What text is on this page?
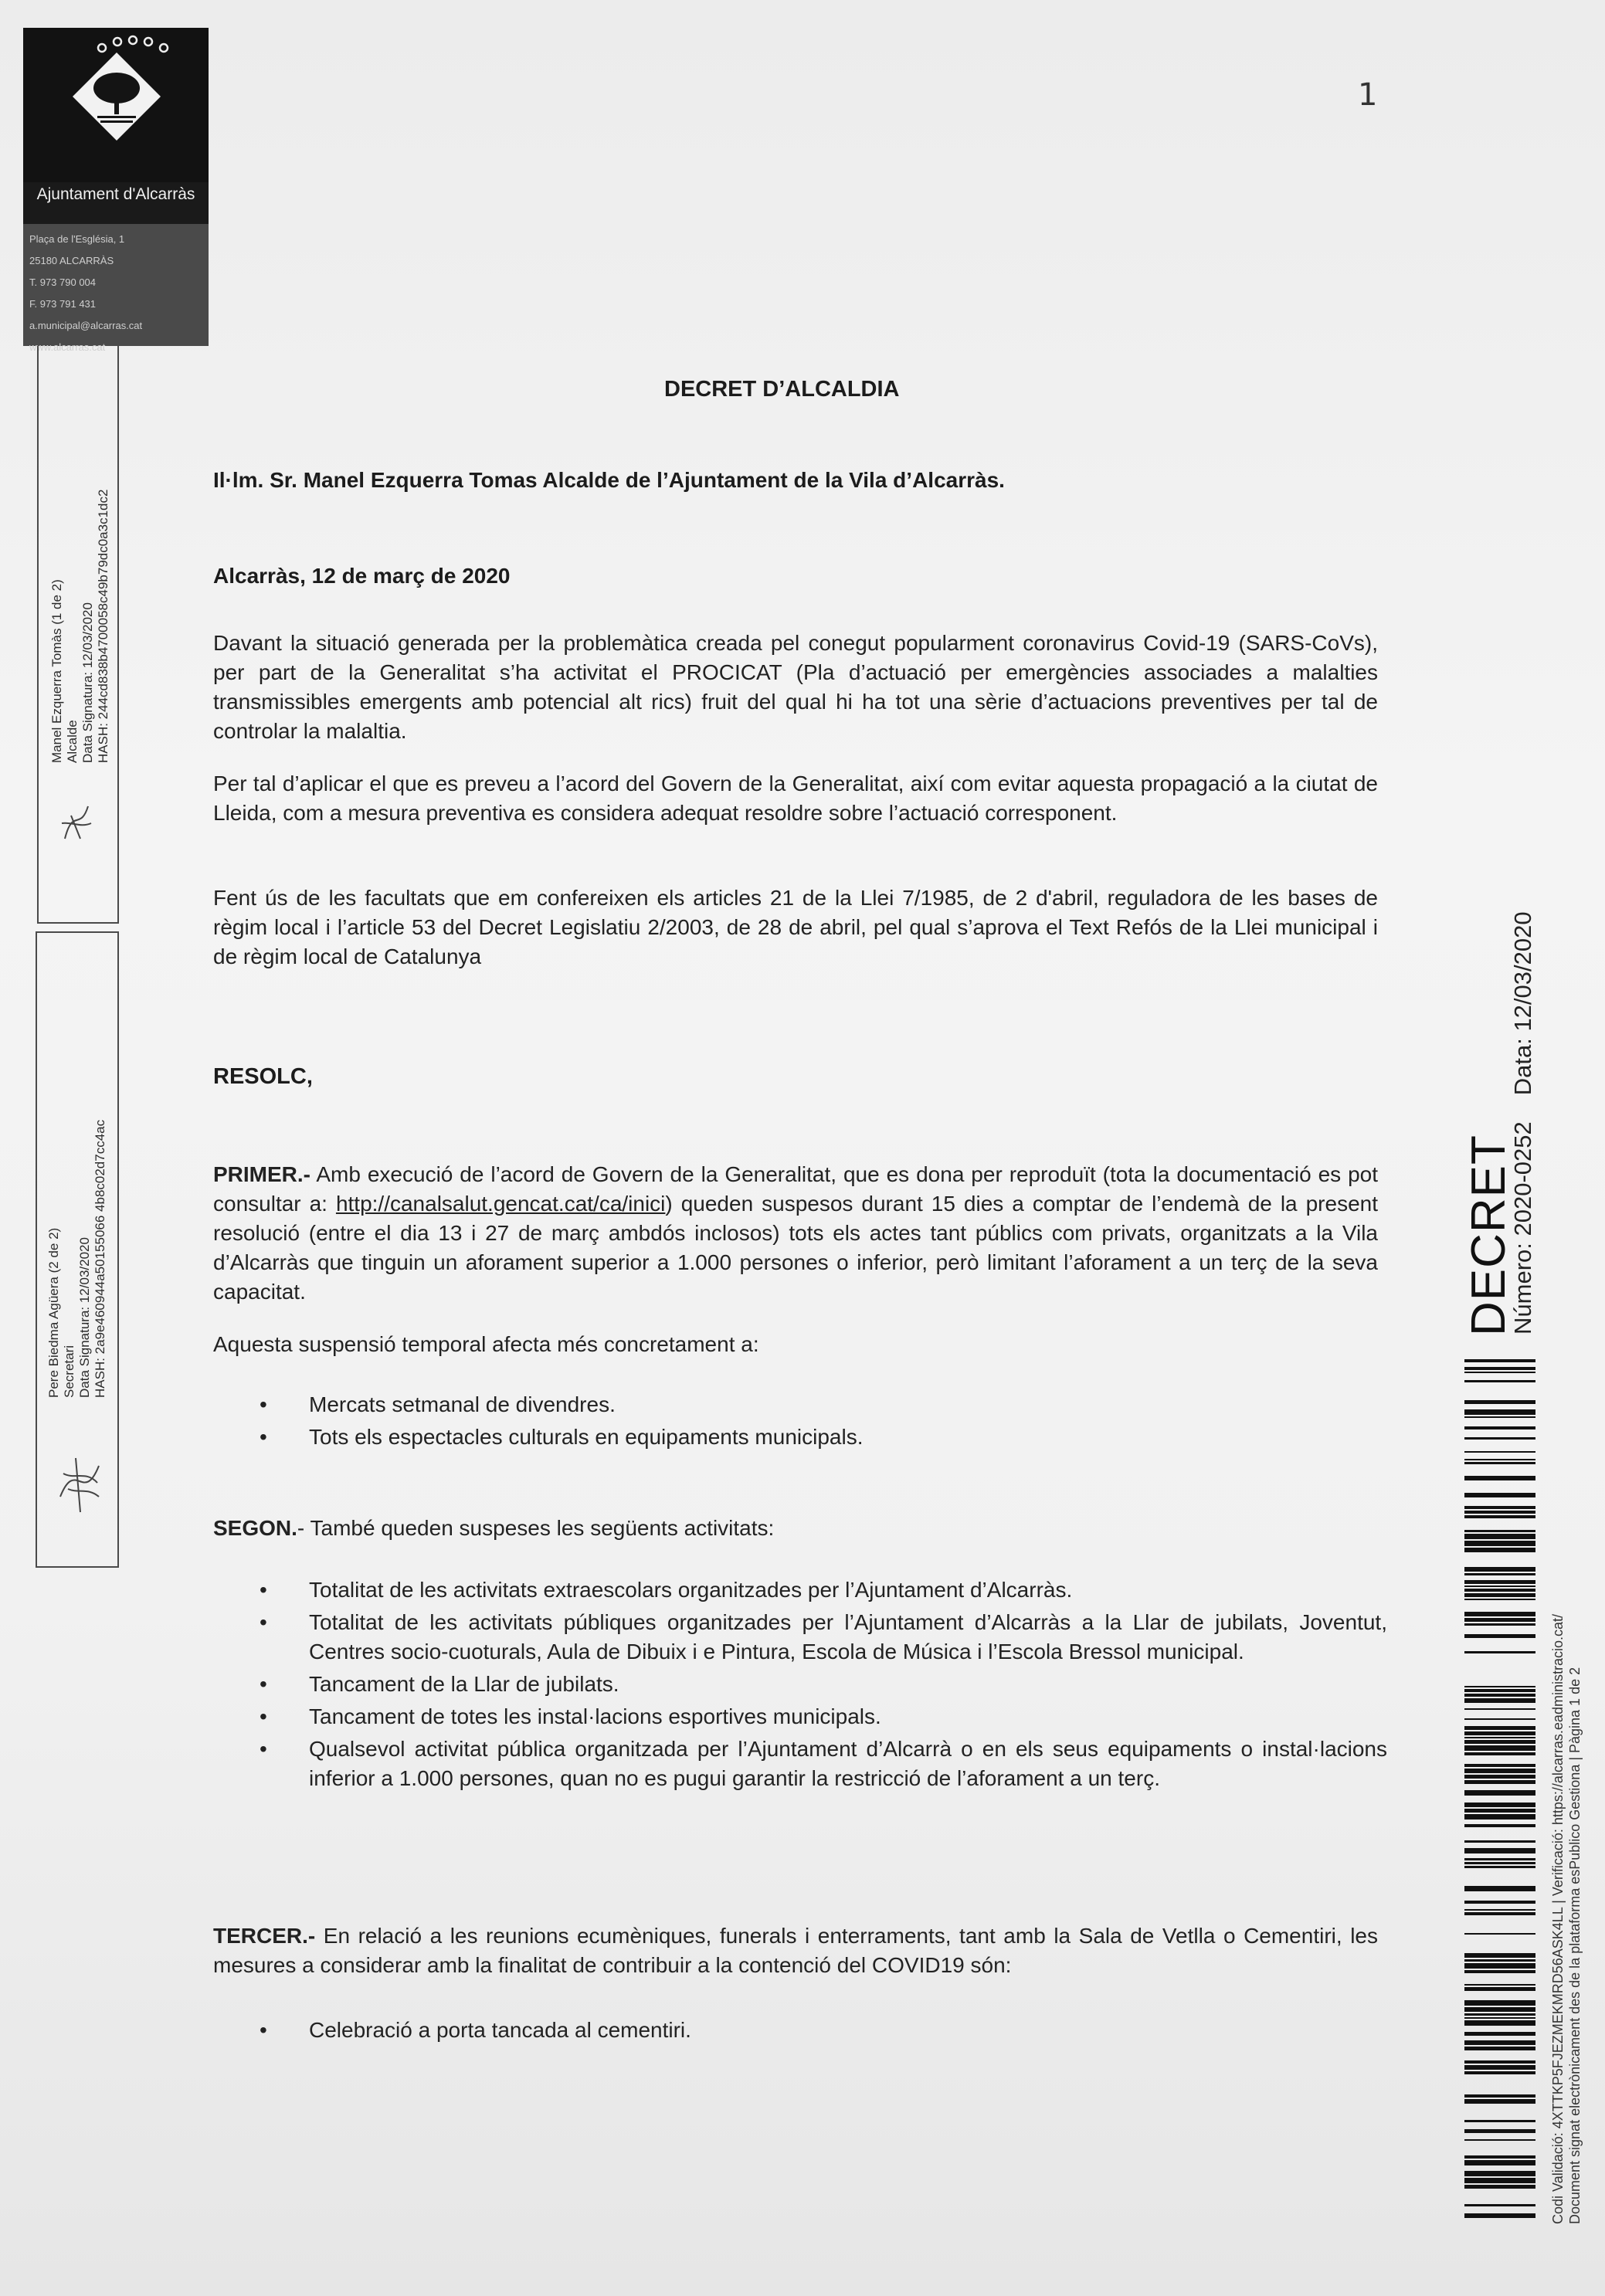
Ajuntament d'Alcarràs
Plaça de l'Església, 1
25180 ALCARRÀS
T. 973 790 004
F. 973 791 431
a.municipal@alcarras.cat
www.alcarras.cat
Manel Ezquerra Tomàs (1 de 2) Alcalde Data Signatura: 12/03/2020 HASH: 244cd838b4700058c49b79dc0a3c1dc2
Pere Biedma Agüera (2 de 2) Secretari Data Signatura: 12/03/2020 HASH: 2a9e460944a50155066 4b8c02d7cc4ac
1
DECRET D’ALCALDIA
Il·lm. Sr. Manel Ezquerra Tomas Alcalde de l’Ajuntament de la Vila d’Alcarràs.
Alcarràs, 12 de març de 2020
Davant la situació generada per la problemàtica creada pel conegut popularment coronavirus Covid-19 (SARS-CoVs), per part de la Generalitat s’ha activitat el PROCICAT (Pla d’actuació per emergències associades a malalties transmissibles emergents amb potencial alt rics) fruit del qual hi ha tot una sèrie d’actuacions preventives per tal de controlar la malaltia.
Per tal d’aplicar el que es preveu a l’acord del Govern de la Generalitat, així com evitar aquesta propagació a la ciutat de Lleida, com a mesura preventiva es considera adequat resoldre sobre l’actuació corresponent.
Fent ús de les facultats que em confereixen els articles 21 de la Llei 7/1985, de 2 d'abril, reguladora de les bases de règim local i l’article 53 del Decret Legislatiu 2/2003, de 28 de abril, pel qual s’aprova el Text Refós de la Llei municipal i de règim local de Catalunya
RESOLC,
PRIMER.- Amb execució de l’acord de Govern de la Generalitat, que es dona per reproduït (tota la documentació es pot consultar a: http://canalsalut.gencat.cat/ca/inici) queden suspesos durant 15 dies a comptar de l’endemà de la present resolució (entre el dia 13 i 27 de març ambdós inclosos) tots els actes tant públics com privats, organitzats a la Vila d’Alcarràs que tinguin un aforament superior a 1.000 persones o inferior, però limitant l’aforament a un terç de la seva capacitat.
Aquesta suspensió temporal afecta més concretament a:
• Mercats setmanal de divendres.
• Tots els espectacles culturals en equipaments municipals.
SEGON.- També queden suspeses les següents activitats:
• Totalitat de les activitats extraescolars organitzades per l’Ajuntament d’Alcarràs.
• Totalitat de les activitats públiques organitzades per l’Ajuntament d’Alcarràs a la Llar de jubilats, Joventut, Centres socio-cuoturals, Aula de Dibuix i e Pintura, Escola de Música i l’Escola Bressol municipal.
• Tancament de la Llar de jubilats.
• Tancament de totes les instal·lacions esportives municipals.
• Qualsevol activitat pública organitzada per l’Ajuntament d’Alcarrà o en els seus equipaments o instal·lacions inferior a 1.000 persones, quan no es pugui garantir la restricció de l’aforament a un terç.
TERCER.- En relació a les reunions ecumèniques, funerals i enterraments, tant amb la Sala de Vetlla o Cementiri, les mesures a considerar amb la finalitat de contribuir a la contenció del COVID19 són:
• Celebració a porta tancada al cementiri.
DECRET
Número: 2020-0252Data: 12/03/2020
Codi Validació: 4XTTKP5FJEZMEKMRD56ASK4LL | Verificació: https://alcarras.eadministracio.cat/ Document signat electrònicament des de la plataforma esPublico Gestiona | Pàgina 1 de 2
